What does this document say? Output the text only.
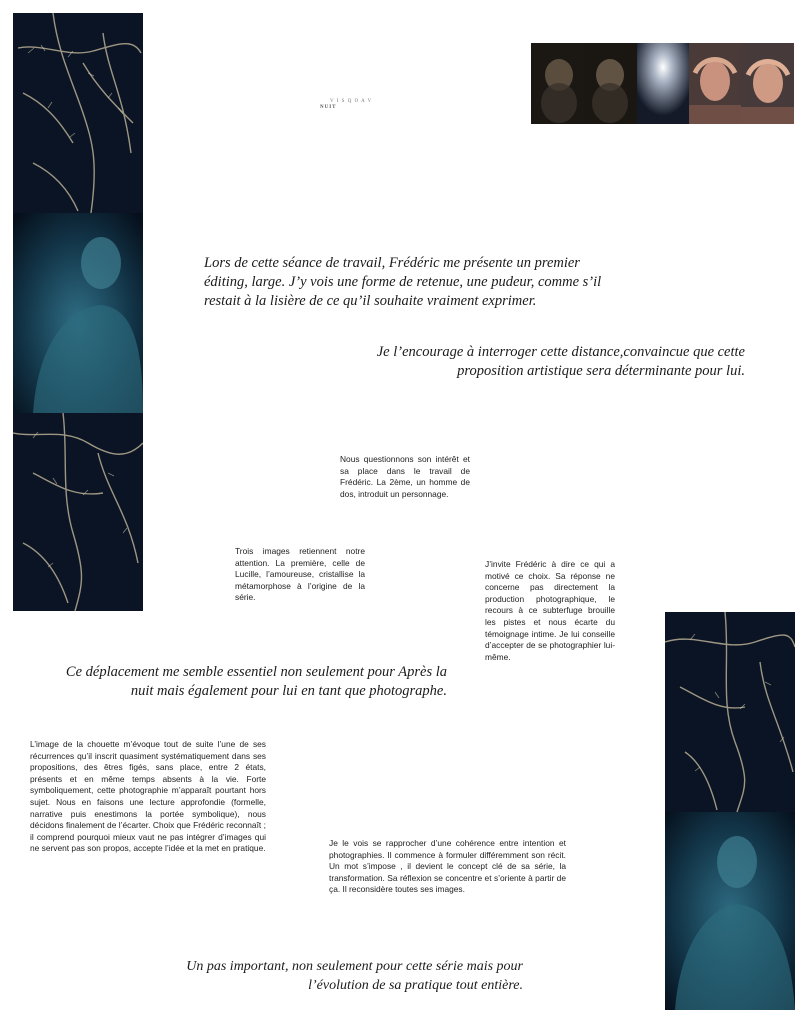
V I S Q O A V
NUIT
Lors de cette séance de travail, Frédéric me présente un premier éditing, large. J’y vois une forme de retenue, une pudeur, comme s’il restait à la lisière de ce qu’il souhaite vraiment exprimer.
Je l’encourage à interroger cette distance,convaincue que cette proposition artistique sera déterminante pour lui.
Ce déplacement me semble essentiel non seulement pour Après la nuit mais également pour lui en tant que photographe.
Un pas important, non seulement pour cette série mais pour l’évolution de sa pratique tout entière.
Nous questionnons son intérêt et sa place dans le travail de Frédéric. La 2ème, un homme de dos, introduit un personnage.
Trois images retiennent notre attention. La première, celle de Lucille, l’amoureuse, cristallise la métamorphose à l’origine de la série.
J’invite Frédéric à dire ce qui a motivé ce choix. Sa réponse ne concerne pas directement la production photographique, le recours à ce subterfuge brouille les pistes et nous écarte du témoignage intime. Je lui conseille d’accepter de se photographier lui-même.
L’image de la chouette m’évoque tout de suite l’une de ses récurrences qu’il inscrit quasiment systématiquement dans ses propositions, des êtres figés, sans place, entre 2 états, présents et en même temps absents à la vie. Forte symboliquement, cette photographie m’apparaît pourtant hors sujet. Nous en faisons une lecture approfondie (formelle, narrative puis enestimons la portée symbolique), nous décidons finalement de l’écarter. Choix que Frédéric reconnaît ; il comprend pourquoi mieux vaut ne pas intégrer d’images qui ne servent pas son propos, accepte l’idée et la met en pratique.
Je le vois se rapprocher d’une cohérence entre intention et photographies. Il commence à formuler différemment son récit. Un mot s’impose , il devient le concept clé de sa série, la transformation. Sa réflexion se concentre et s’oriente à partir de ça. Il reconsidère toutes ses images.
